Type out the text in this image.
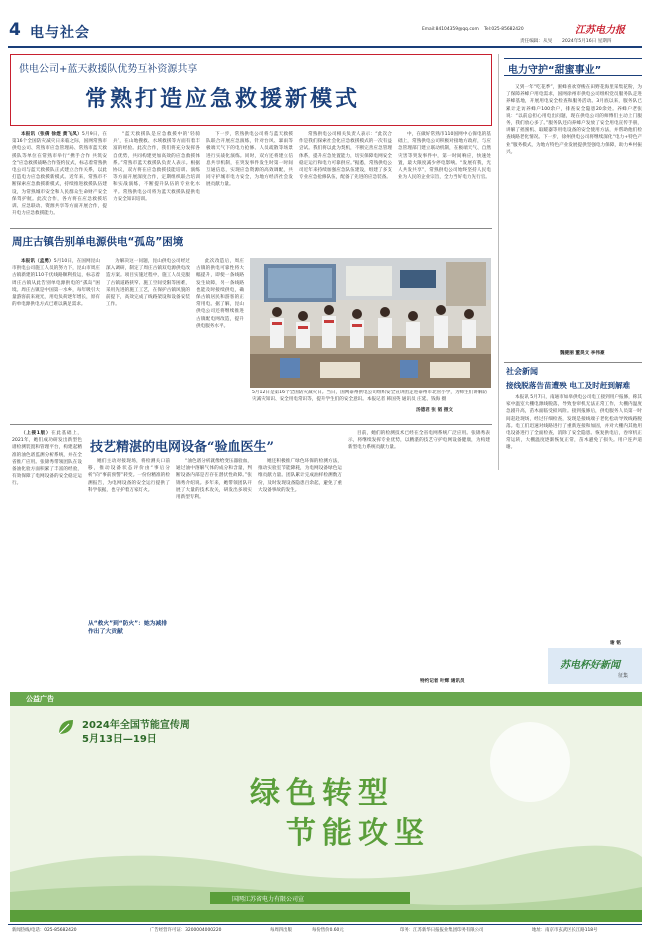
4 电与社会	Email:84104359@qq.com Tel:025-85682420	江苏电力报
责任编辑：从旻 2024年5月16日 星期四
供电公司+蓝天救援队优势互补资源共享
常熟打造应急救援新模式

本报讯（张倩 徐煜 黄飞凤）5月9日，在第16个全国防灾减灾日来临之际，国网常熟市供电公司、常熟市应急管理局、常熟市蓝天救援队等单位在常熟市举行“携手合作 共筑安全”应急救援战略合作签约仪式，标志着常熟供电公司与蓝天救援队正式建立合作关系，以此打造电力应急救援新模式。近年来，常熟市不断探索应急救援新模式，持续推进救援队伍建设，为常熟城市安全和人民群众生命财产安全保驾护航。此次合作，各方将在应急救援培训、应急联动、资源共享等方面开展合作，提升电力应急救援能力。

“蓝天救援队是应急救援中的‘轻骑兵’，在山地搜救、水域救援等方面有着丰富的经验。此次合作，我们将充分发挥各自优势，共同构建更加高效的应急救援体系。”常熟市蓝天救援队负责人表示。根据协议，双方将在应急救援技能培训、演练等方面开展深度合作，定期组织联合培训和实战演练，不断提升队伍的专业化水平。常熟供电公司将为蓝天救援队提供电力安全知识培训。
下一步，常熟供电公司将与蓝天救援队联合开展应急演练，针对台风、暴雨等极端天气下的电力抢修、人员疏散等场景进行实战化演练。同时，双方还将建立信息共享机制，在突发事件发生时第一时间互通信息，实现应急资源的高效调配，共同守护城市电力安全，为地方经济社会发展贡献力量。
常熟供电公司相关负责人表示：“此次合作是我们探索社会化应急救援模式的一次有益尝试。我们将以此为契机，不断完善应急管理体系，提升应急处置能力，切实保障电网安全稳定运行和电力可靠供应。”据悉，常熟供电公司近年来持续加强应急队伍建设，组建了多支专业应急抢修队伍，配备了先进的应急装备。
中，在做好常熟市110国网中心保电的基础上，常熟供电公司积极对接地方政府，与应急管理部门建立联动机制，在极端天气、自然灾害等突发事件中，第一时间响应，快速处置，最大限度减少停电影响。“发展有我，光人共发共享”，常熟供电公司始终坚持人民电业为人民的企业宗旨，全力当好电力先行官。
周庄古镇告别单电源供电“孤岛”困境

本报讯（孟勇）5月10日，在国网昆山市供电公司施工人员的努力下，昆山市周庄古镇新建的110千伏线路顺利投运，标志着周庄古镇从此告别单电源供电的“孤岛”困境。周庄古镇是中国第一水乡，每年吸引大量游客前来观光，用电负荷逐年增长，原有的单电源供电方式已难以满足需求。

为解决这一问题，昆山供电公司经过深入调研，制定了周庄古镇双电源供电改造方案。项目实施过程中，施工人员克服了古镇道路狭窄、施工空间受限等困难，采用先进的施工工艺，在保护古镇风貌的前提下，高效完成了线路架设和设备安装工作。
此次改造后，周庄古镇的供电可靠性将大幅提升，即使一条线路发生故障，另一条线路也能及时接续供电，确保古镇居民和游客的正常用电。据了解，昆山供电公司还将继续推进古镇配电网改造，提升供电服务水平。
5月12日是第16个全国防灾减灾日。当日，国网泰州供电公司组织安全宣讲团走进泰州市北管小学，为师生们讲解防灾减灾知识、安全用电常识等，提升学生们的安全意识。本报记者 韩国英 通讯员 庄延、钱海 摄
汤德君 张 韬 摄文
电力守护“甜蜜事业”
又到一年“吃花季”，蜜蜂喜欢穿梭在田野花海里采集花粉，为了保障养蜂户用电需求，国网徐州市供电公司组织党员服务队走进养蜂基地，开展用电安全检查和服务活动。3月底以来，服务队已累计走访养蜂户100余户，排查安全隐患20余处。养蜂户老张说：“以前总担心用电出问题，现在供电公司的师傅们主动上门服务，我们放心多了。”服务队还向养蜂户发放了安全用电宣传手册，讲解了摇蜜机、取暖器等用电设备的安全使用方法，并帮助他们检查线路老化情况。下一步，徐州供电公司将继续深化“电力+特色产业”服务模式，为地方特色产业发展提供坚强电力保障，助力乡村振兴。
魏健丽 董昊文 李伟豪
社会新闻
接线脱落告苗遭殃 电工及时赶到解难
本报讯 5月7日，南通市如皋供电公司电工接到用户报修，称其家中温室大棚电源线脱落，导致卷帘机无法正常工作，大棚内温度急剧升高，苗木面临受损风险。接到报修后，供电服务人员第一时间赶赴现场，经过仔细检查，发现是接线端子老化松动导致线路脱落。电工们迅速对线路进行了重新连接和加固，并对大棚内其他用电设备进行了全面检查，消除了安全隐患。恢复供电后，卷帘机正常运转，大棚温度逐渐恢复正常，苗木避免了损失。用户连声道谢。
谢 铭
苏电杯好新闻
征集
技艺精湛的电网设备“验血医生”

（上接1版）在此基础上，2021年，她们成功研发出新型色谱检测装置和管理平台，构建起精准的油色谱监测分析系统，并在全省推广应用。张锦秀带领团队在设备油化验方面积累了丰富的经验，有效保障了电网设备的安全稳定运行。

她们主动对接现场，将检测关口前移，推动设备状态评价由“事后分析”向“事前预警”转变。一份份精准的检测报告，为电网设备的安全运行提供了科学依据，也守护着万家灯火。
从“救火”到“防火”：她为减排作出了大贡献
“油色谱分析就像给变压器验血，通过油中溶解气体的成分和含量，判断设备内部是否存在潜伏性故障。”张锦秀介绍说。多年来，她带领团队开展了大量的技术攻关，研发出多项实用新型专利。
她还积极推广绿色环保的检测方法，推动实验室节能降耗，为电网设备绿色运维贡献力量。团队累计完成油样检测数万份，及时发现设备隐患百余起，避免了重大设备事故的发生。
目前，她们的检测技术已经在全省电网系统广泛应用。张锦秀表示，将继续发挥专业优势，以精湛的技艺守护电网设备健康，为构建新型电力系统贡献力量。
特约记者 叶辉 通讯员
公益广告
2024年全国节能宣传周
5月13日—19日
绿色转型
节能攻坚
国网江苏省电力有限公司宣
新闻热线/电话：025-85682420	广告经营许可证：3200004000220	每周四出版	每份售价0.60元	印务：江苏新华日报报业集团印务有限公司	地址：南京市玄武区长江路118号
